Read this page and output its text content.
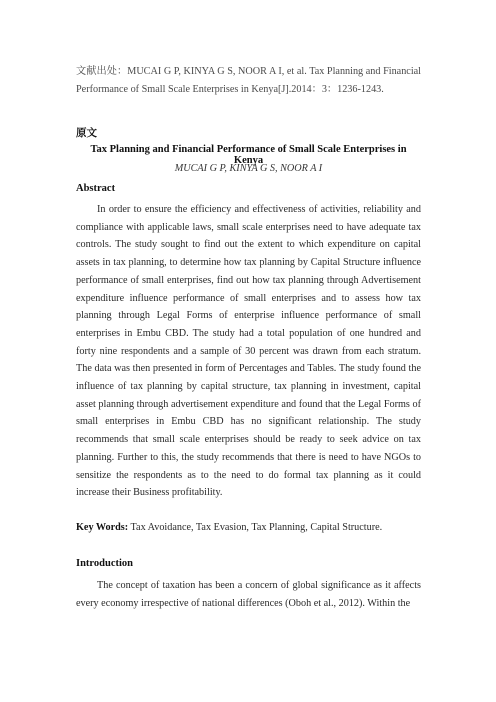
文献出处：MUCAI G P, KINYA G S, NOOR A I, et al. Tax Planning and Financial Performance of Small Scale Enterprises in Kenya[J].2014：3：1236-1243.
原文
Tax Planning and Financial Performance of Small Scale Enterprises in Kenya
MUCAI G P, KINYA G S, NOOR A I
Abstract

In order to ensure the efficiency and effectiveness of activities, reliability and compliance with applicable laws, small scale enterprises need to have adequate tax controls. The study sought to find out the extent to which expenditure on capital assets in tax planning, to determine how tax planning by Capital Structure influence performance of small enterprises, find out how tax planning through Advertisement expenditure influence performance of small enterprises and to assess how tax planning through Legal Forms of enterprise influence performance of small enterprises in Embu CBD. The study had a total population of one hundred and forty nine respondents and a sample of 30 percent was drawn from each stratum. The data was then presented in form of Percentages and Tables. The study found the influence of tax planning by capital structure, tax planning in investment, capital asset planning through advertisement expenditure and found that the Legal Forms of small enterprises in Embu CBD has no significant relationship. The study recommends that small scale enterprises should be ready to seek advice on tax planning. Further to this, the study recommends that there is need to have NGOs to sensitize the respondents as to the need to do formal tax planning as it could increase their Business profitability.

Key Words: Tax Avoidance, Tax Evasion, Tax Planning, Capital Structure.
Introduction

The concept of taxation has been a concern of global significance as it affects every economy irrespective of national differences (Oboh et al., 2012). Within the
